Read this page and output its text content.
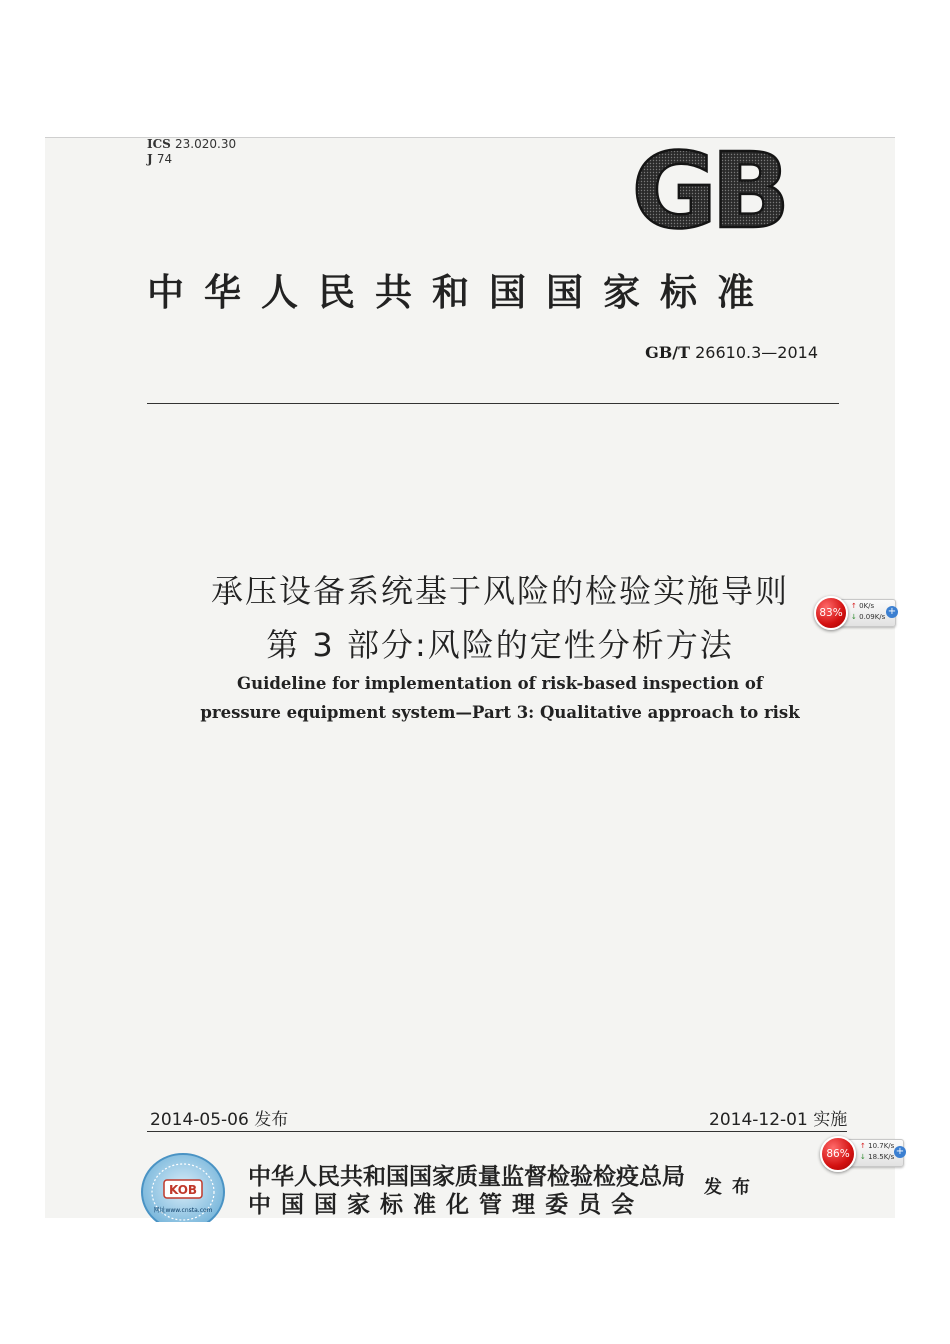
ICS 23.020.30
J 74	GB
中华人民共和国国家标准
GB/T 26610.3—2014
承压设备系统基于风险的检验实施导则
第 3 部分:风险的定性分析方法
Guideline for implementation of risk-based inspection of
pressure equipment system—Part 3: Qualitative approach to risk
2014-05-06 发布	2014-12-01 实施
KOB
网址www.cnsta.com
中华人民共和国国家质量监督检验检疫总局
中 国 国 家 标 准 化 管 理 委 员 会
发布
83%
↑ 0K/s
↓ 0.09K/s +
86%
↑ 10.7K/s
↓ 18.5K/s +
